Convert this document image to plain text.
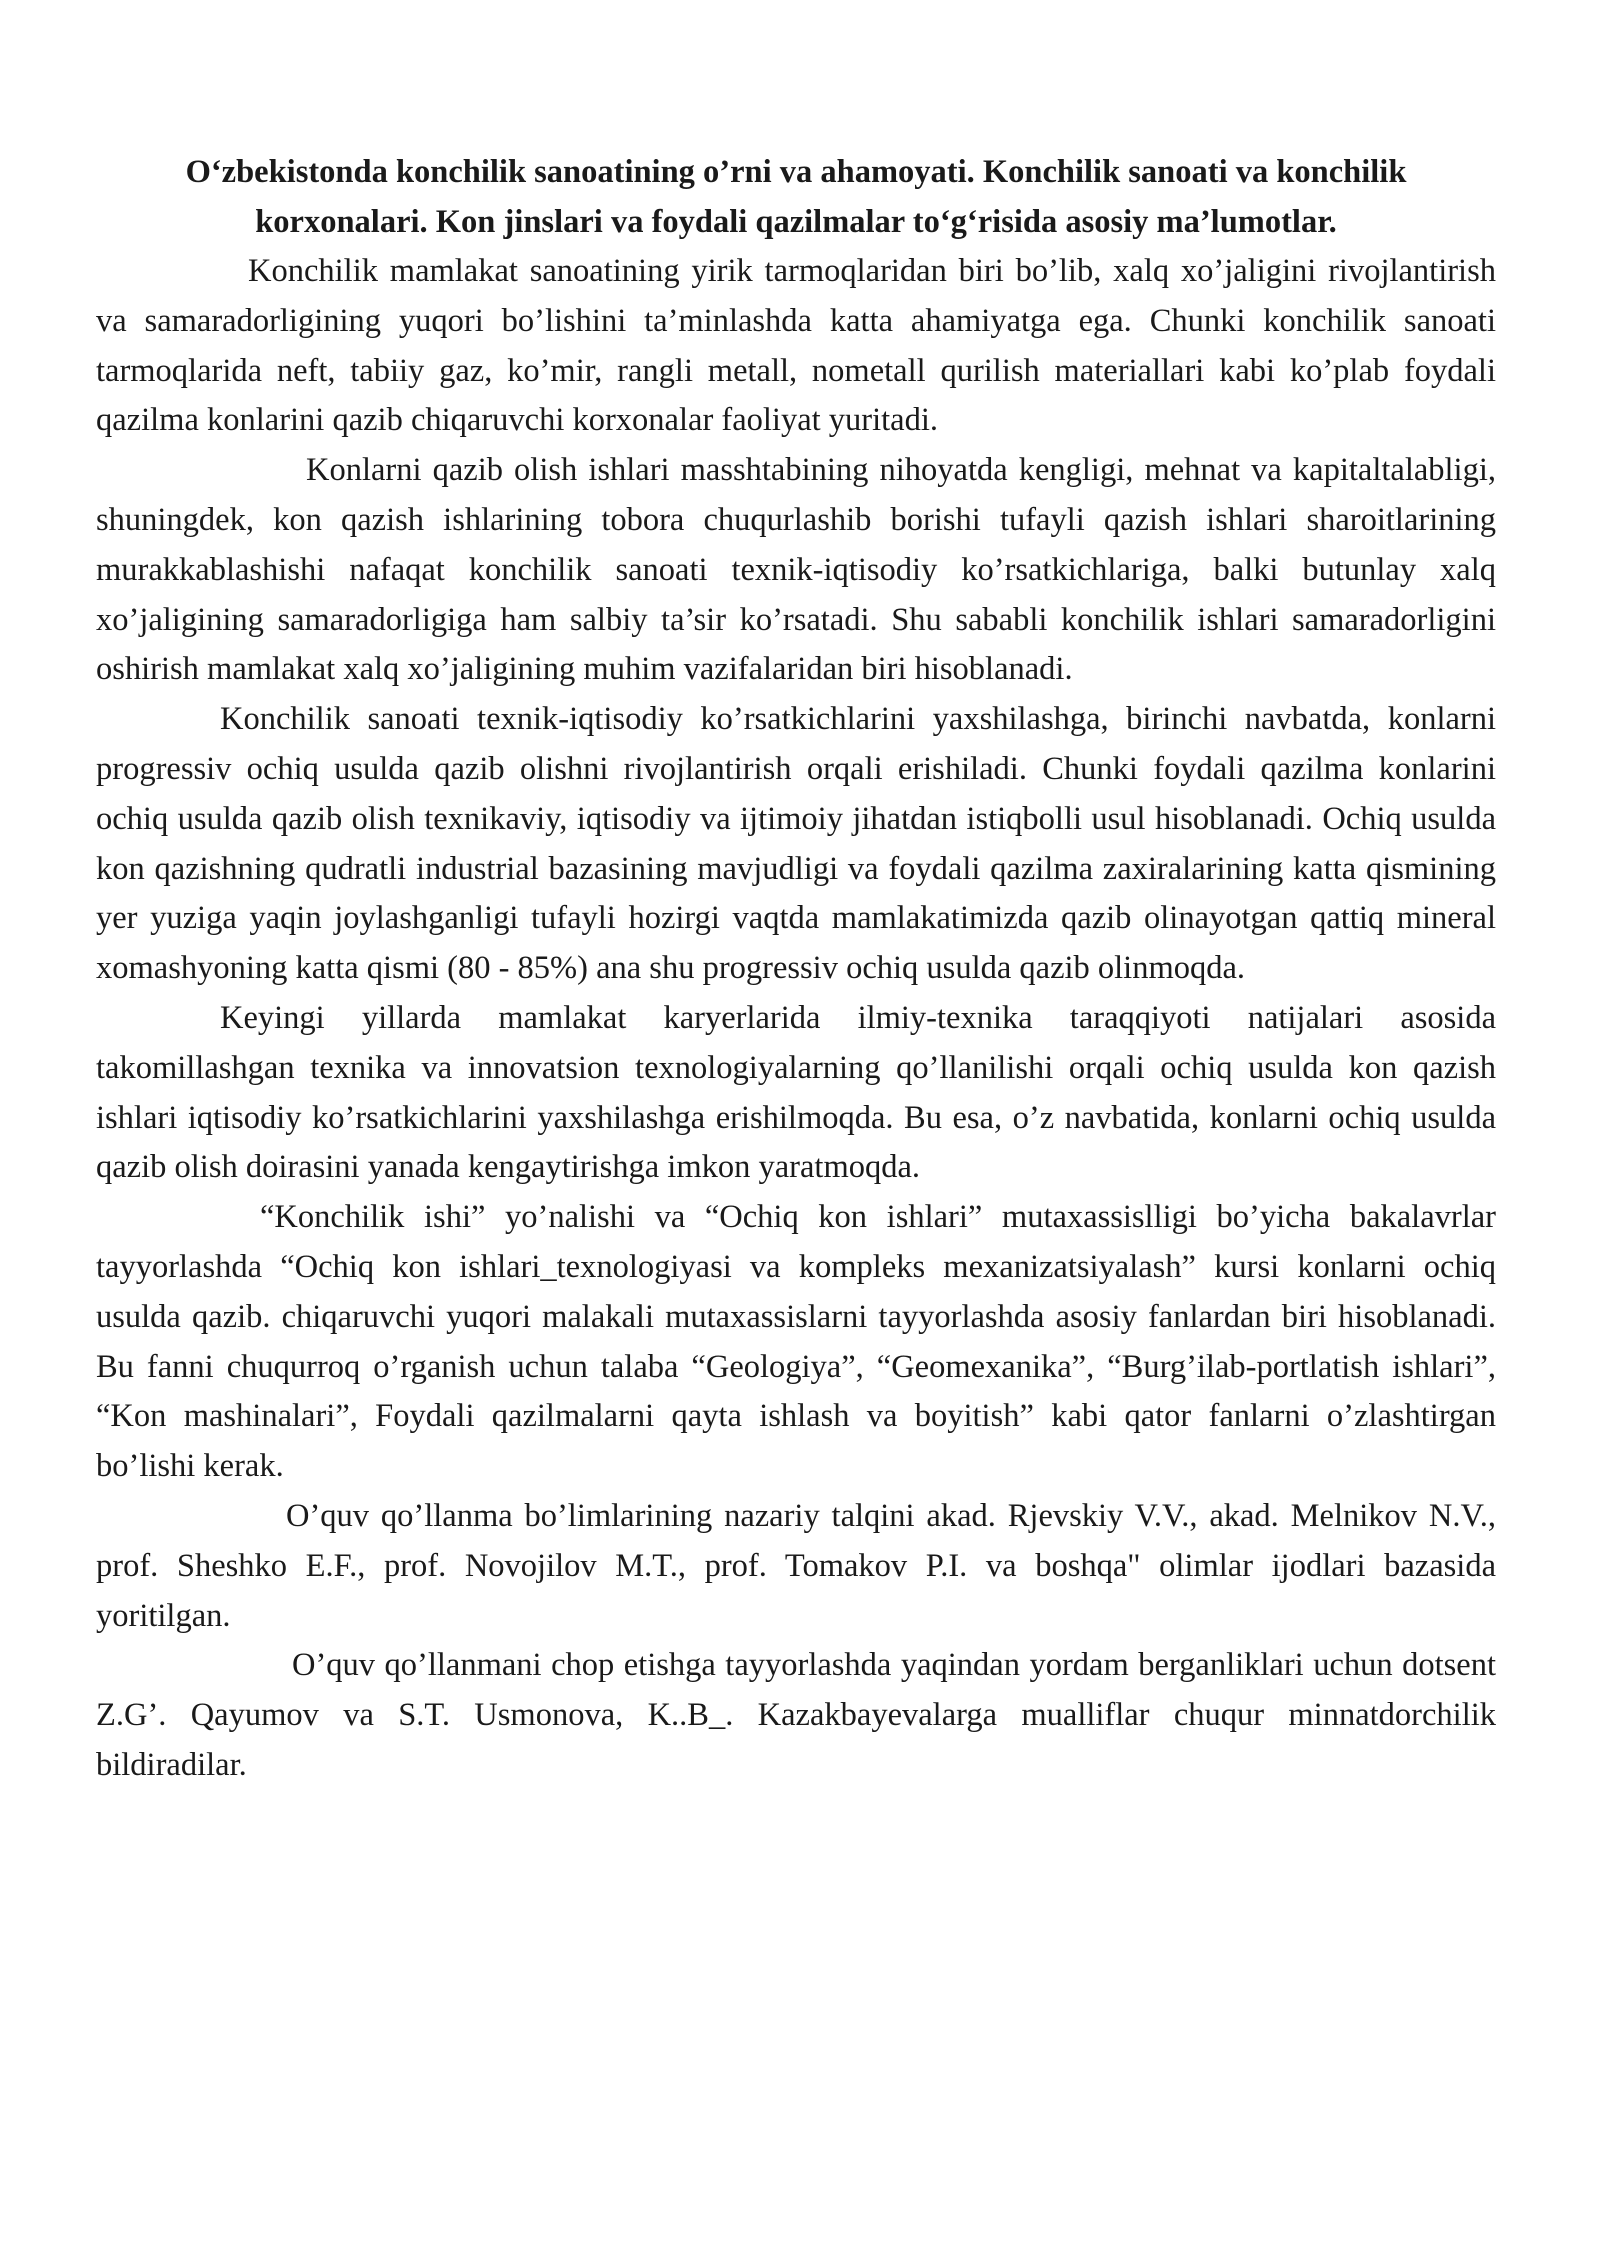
O‘zbekistonda konchilik sanoatining o’rni va ahamoyati. Konchilik sanoati va konchilik korxonalari. Kon jinslari va foydali qazilmalar to‘g‘risida asosiy ma’lumotlar.

Konchilik mamlakat sanoatining yirik tarmoqlaridan biri bo’lib, xalq xo’jaligini rivojlantirish va samaradorligining yuqori bo’lishini ta’minlashda katta ahamiyatga ega. Chunki konchilik sanoati tarmoqlarida neft, tabiiy gaz, ko’mir, rangli metall, nometall qurilish materiallari kabi ko’plab foydali qazilma konlarini qazib chiqaruvchi korxonalar faoliyat yuritadi.

Konlarni qazib olish ishlari masshtabining nihoyatda kengligi, mehnat va kapitaltalabligi, shuningdek, kon qazish ishlarining tobora chuqurlashib borishi tufayli qazish ishlari sharoitlarining murakkablashishi nafaqat konchilik sanoati texnik-iqtisodiy ko’rsatkichlariga, balki butunlay xalq xo’jaligining samaradorligiga ham salbiy ta’sir ko’rsatadi. Shu sababli konchilik ishlari samaradorligini oshirish mamlakat xalq xo’jaligining muhim vazifalaridan biri hisoblanadi.

Konchilik sanoati texnik-iqtisodiy ko’rsatkichlarini yaxshilashga, birinchi navbatda, konlarni progressiv ochiq usulda qazib olishni rivojlantirish orqali erishiladi. Chunki foydali qazilma konlarini ochiq usulda qazib olish texnikaviy, iqtisodiy va ijtimoiy jihatdan istiqbolli usul hisoblanadi. Ochiq usulda kon qazishning qudratli industrial bazasining mavjudligi va foydali qazilma zaxiralarining katta qismining yer yuziga yaqin joylashganligi tufayli hozirgi vaqtda mamlakatimizda qazib olinayotgan qattiq mineral xomashyoning katta qismi (80 - 85%) ana shu progressiv ochiq usulda qazib olinmoqda.

Keyingi yillarda mamlakat karyerlarida ilmiy-texnika taraqqiyoti natijalari asosida takomillashgan texnika va innovatsion texnologiyalarning qo’llanilishi orqali ochiq usulda kon qazish ishlari iqtisodiy ko’rsatkichlarini yaxshilashga erishilmoqda. Bu esa, o’z navbatida, konlarni ochiq usulda qazib olish doirasini yanada kengaytirishga imkon yaratmoqda.

“Konchilik ishi” yo’nalishi va “Ochiq kon ishlari” mutaxassislligi bo’yicha bakalavrlar tayyorlashda “Ochiq kon ishlari_texnologiyasi va kompleks mexanizatsiyalash” kursi konlarni ochiq usulda qazib. chiqaruvchi yuqori malakali mutaxassislarni tayyorlashda asosiy fanlardan biri hisoblanadi. Bu fanni chuqurroq o’rganish uchun talaba “Geologiya”, “Geomexanika”, “Burg’ilab-portlatish ishlari”, “Kon mashinalari”, Foydali qazilmalarni qayta ishlash va boyitish” kabi qator fanlarni o’zlashtirgan bo’lishi kerak.

O’quv qo’llanma bo’limlarining nazariy talqini akad. Rjevskiy V.V., akad. Melnikov N.V., prof. Sheshko E.F., prof. Novojilov M.T., prof. Tomakov P.I. va boshqa" olimlar ijodlari bazasida yoritilgan.

O’quv qo’llanmani chop etishga tayyorlashda yaqindan yordam berganliklari uchun dotsent Z.G’. Qayumov va S.T. Usmonova, K..B_. Kazakbayevalarga mualliflar chuqur minnatdorchilik bildiradilar.
